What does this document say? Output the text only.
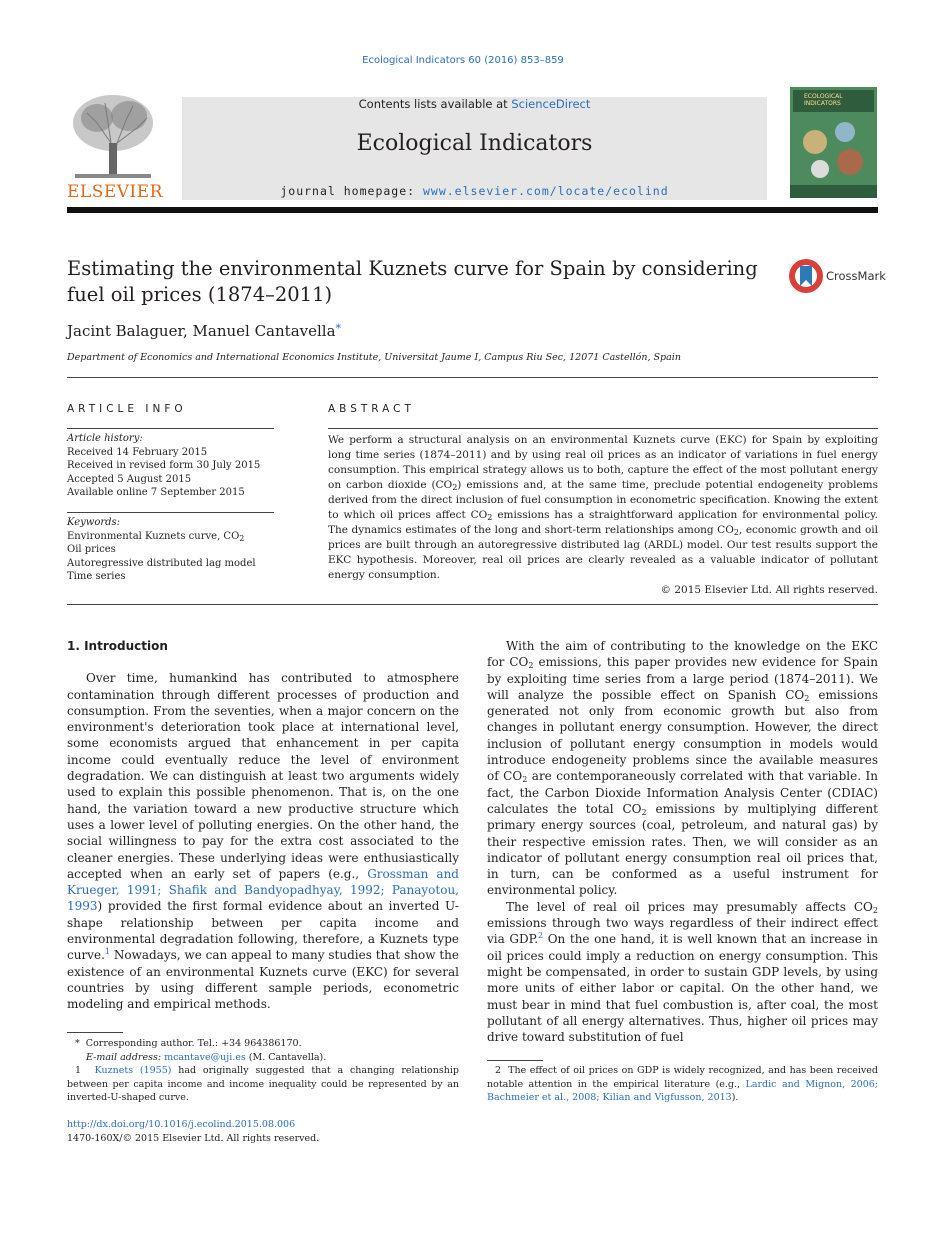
Ecological Indicators 60 (2016) 853–859
ELSEVIER
Contents lists available at ScienceDirect
Ecological Indicators
journal homepage: www.elsevier.com/locate/ecolind
ECOLOGICAL INDICATORS
Estimating the environmental Kuznets curve for Spain by considering fuel oil prices (1874–2011)
CrossMark
Jacint Balaguer, Manuel Cantavella*
Department of Economics and International Economics Institute, Universitat Jaume I, Campus Riu Sec, 12071 Castellón, Spain
ARTICLE INFO	ABSTRACT
Article history:
Received 14 February 2015
Received in revised form 30 July 2015
Accepted 5 August 2015
Available online 7 September 2015
Keywords:
Environmental Kuznets curve, $CO_2$
Oil prices
Autoregressive distributed lag model
Time series
We perform a structural analysis on an environmental Kuznets curve (EKC) for Spain by exploiting long time series (1874–2011) and by using real oil prices as an indicator of variations in fuel energy consumption. This empirical strategy allows us to both, capture the effect of the most pollutant energy on carbon dioxide $(CO_2)$ emissions and, at the same time, preclude potential endogeneity problems derived from the direct inclusion of fuel consumption in econometric specification. Knowing the extent to which oil prices affect $CO_2$ emissions has a straightforward application for environmental policy. The dynamics estimates of the long and short-term relationships among $CO_2$, economic growth and oil prices are built through an autoregressive distributed lag (ARDL) model. Our test results support the EKC hypothesis. Moreover, real oil prices are clearly revealed as a valuable indicator of pollutant energy consumption.
© 2015 Elsevier Ltd. All rights reserved.
1. Introduction

Over time, humankind has contributed to atmosphere contamination through different processes of production and consumption. From the seventies, when a major concern on the environment's deterioration took place at international level, some economists argued that enhancement in per capita income could eventually reduce the level of environment degradation. We can distinguish at least two arguments widely used to explain this possible phenomenon. That is, on the one hand, the variation toward a new productive structure which uses a lower level of polluting energies. On the other hand, the social willingness to pay for the extra cost associated to the cleaner energies. These underlying ideas were enthusiastically accepted when an early set of papers (e.g., Grossman and Krueger, 1991; Shafik and Bandyopadhyay, 1992; Panayotou, 1993) provided the first formal evidence about an inverted U-shape relationship between per capita income and environmental degradation following, therefore, a Kuznets type curve.$^1$ Nowadays, we can appeal to many studies that show the existence of an environmental Kuznets curve (EKC) for several countries by using different sample periods, econometric modeling and empirical methods.

With the aim of contributing to the knowledge on the EKC for $CO_2$ emissions, this paper provides new evidence for Spain by exploiting time series from a large period (1874–2011). We will analyze the possible effect on Spanish $CO_2$ emissions generated not only from economic growth but also from changes in pollutant energy consumption. However, the direct inclusion of pollutant energy consumption in models would introduce endogeneity problems since the available measures of $CO_2$ are contemporaneously correlated with that variable. In fact, the Carbon Dioxide Information Analysis Center (CDIAC) calculates the total $CO_2$ emissions by multiplying different primary energy sources (coal, petroleum, and natural gas) by their respective emission rates. Then, we will consider as an indicator of pollutant energy consumption real oil prices that, in turn, can be conformed as a useful instrument for environmental policy.

The level of real oil prices may presumably affects $CO_2$ emissions through two ways regardless of their indirect effect via GDP.$^2$ On the one hand, it is well known that an increase in oil prices could imply a reduction on energy consumption. This might be compensated, in order to sustain GDP levels, by using more units of either labor or capital. On the other hand, we must bear in mind that fuel combustion is, after coal, the most pollutant of all energy alternatives. Thus, higher oil prices may drive toward substitution of fuel

* Corresponding author. Tel.: +34 964386170.
E-mail address: mcantave@uji.es (M. Cantavella).
1 Kuznets (1955) had originally suggested that a changing relationship between per capita income and income inequality could be represented by an inverted-U-shaped curve.
2 The effect of oil prices on GDP is widely recognized, and has been received notable attention in the empirical literature (e.g., Lardic and Mignon, 2006; Bachmeier et al., 2008; Kilian and Vigfusson, 2013).
http://dx.doi.org/10.1016/j.ecolind.2015.08.006
1470-160X/© 2015 Elsevier Ltd. All rights reserved.
